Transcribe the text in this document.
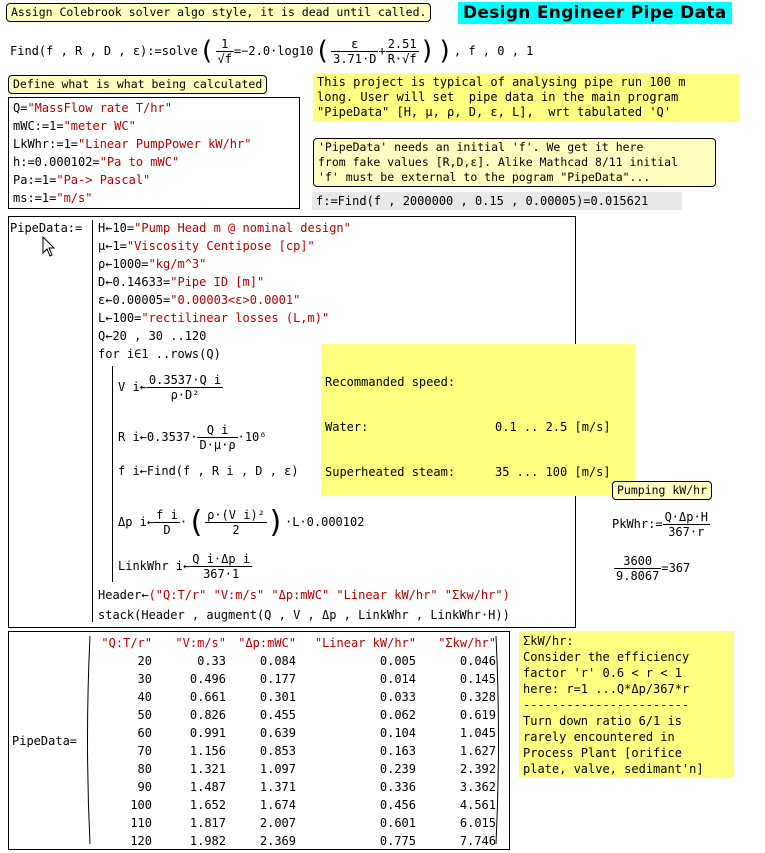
Assign Colebrook solver algo style, it is dead until called. Design Engineer Pipe Data
Find(f , R , D , ε):=solve ( $\frac{1}{√f} =-2.0\cdot\log 10$ ( $\frac{\varepsilon}{3.71\cdot D} + \frac{2.51}{R\cdot√f}$ ) ) , f , 0 , 1
Define what is what being calculated
Q="MassFlow rate T/hr"
mWC:=1="meter WC"
LkWhr:=1="Linear PumpPower kW/hr"
h:=0.000102="Pa to mWC"
Pa:=1="Pa-> Pascal"
ms:=1="m/s"
This project is typical of analysing pipe run 100 m
long. User will set  pipe data in the main program
"PipeData" [H, μ, ρ, D, ε, L],  wrt tabulated 'Q'
'PipeData' needs an initial 'f'. We get it here
from fake values [R,D,ε]. Alike Mathcad 8/11 initial
'f' must be external to the pogram "PipeData"...
f:=Find(f , 2000000 , 0.15 , 0.00005)=0.015621
PipeData:= H←10="Pump Head m @ nominal design"
μ←1="Viscosity Centipose [cp]"
ρ←1000="kg/m^3"
D←0.14633="Pipe ID [m]"
ε←0.00005="0.00003<ε>0.0001"
L←100="rectilinear losses (L,m)"
Q←20 , 30 ..120
for i∈1 ..rows(Q)
V i← $\frac{\text{0.3537·Q i}}{\text{ρ·D²}}$
R i←0.3537· $\frac{\text{Q i}}{D\cdot\mu\cdot\rho} \cdot 10^6$
f i←Find(f , R i , D , ε)
Δp i← $\frac{\text{f i}}{D}$ · ( $\frac{\text{ρ·(V i)²}}{2}$ ) ·L·0.000102
LinkWhr i← $\frac{\text{Q i·Δp i}}{367\cdot 1}$
Header←("Q:T/r" "V:m/s" "Δp:mWC" "Linear kW/hr" "Σkw/hr")
stack(Header , augment(Q , V , Δp , LinkWhr , LinkWhr·H))

Recommanded speed:

Water:	0.1 .. 2.5 [m/s]

Superheated steam:	35 ... 100 [m/s]

Pumping kW/hr
PkWhr:= $\frac{Q\cdot\Delta p\cdot H}{367\cdot r}$
$\frac{3600}{9.8067} =367$
PipeData=
"Q:T/r"	"V:m/s"	"Δp:mWC"	"Linear kW/hr"	"Σkw/hr"
20	0.33	0.084	0.005	0.046
30	0.496	0.177	0.014	0.145
40	0.661	0.301	0.033	0.328
50	0.826	0.455	0.062	0.619
60	0.991	0.639	0.104	1.045
70	1.156	0.853	0.163	1.627
80	1.321	1.097	0.239	2.392
90	1.487	1.371	0.336	3.362
100	1.652	1.674	0.456	4.561
110	1.817	2.007	0.601	6.015
120	1.982	2.369	0.775	7.746
ΣkW/hr:
Consider the efficiency
factor 'r' 0.6 < r < 1
here: r=1 ...Q*Δp/367*r
-----------------------
Turn down ratio 6/1 is
rarely encountered in
Process Plant [orifice
plate, valve, sedimant'n]
